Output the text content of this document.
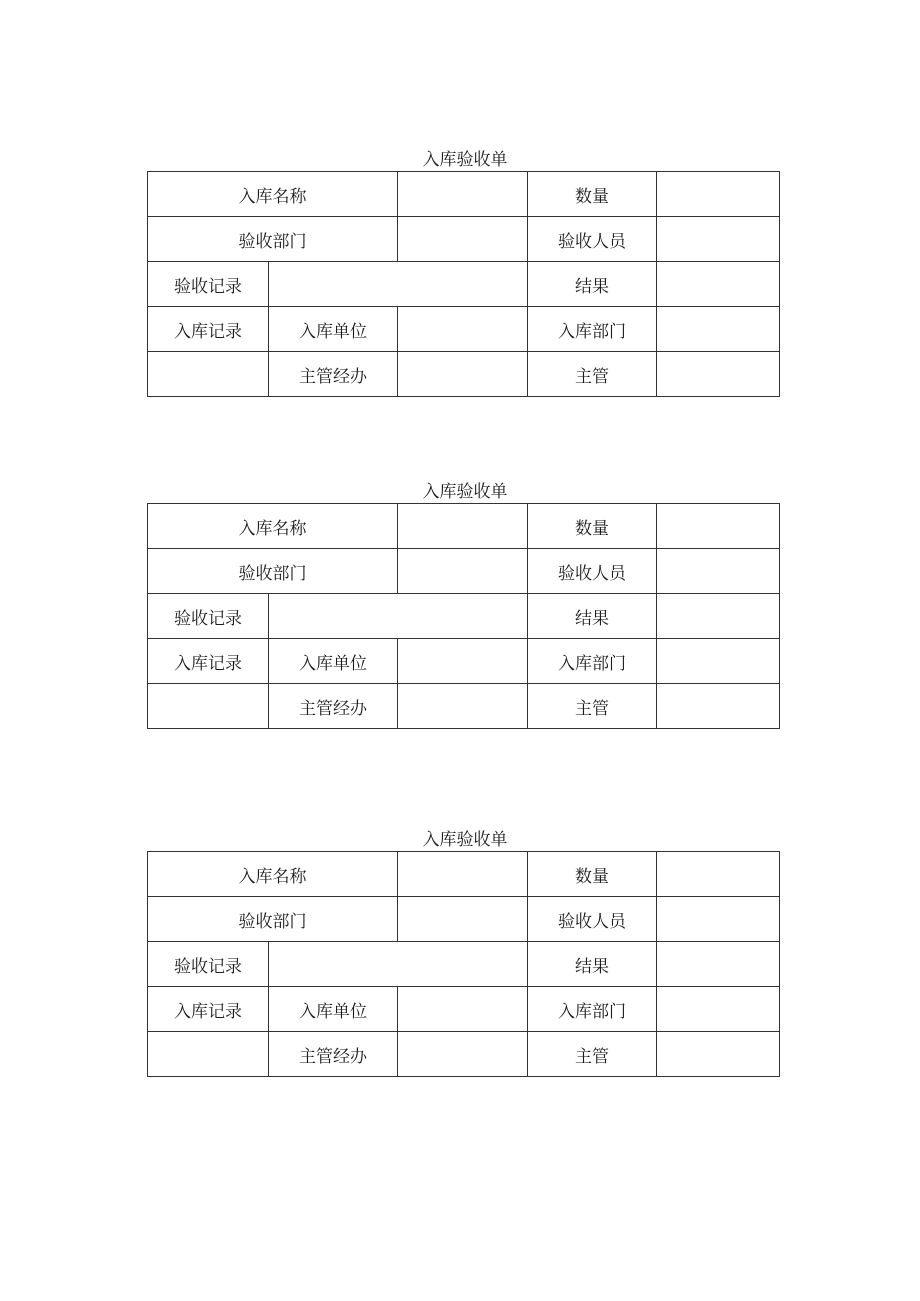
入库验收单
入库名称			数量	
验收部门			验收人员	
验收记录			结果	
入库记录	入库单位		入库部门	
	主管经办		主管	
入库验收单
入库名称			数量	
验收部门			验收人员	
验收记录			结果	
入库记录	入库单位		入库部门	
	主管经办		主管	
入库验收单
入库名称			数量	
验收部门			验收人员	
验收记录			结果	
入库记录	入库单位		入库部门	
	主管经办		主管	
